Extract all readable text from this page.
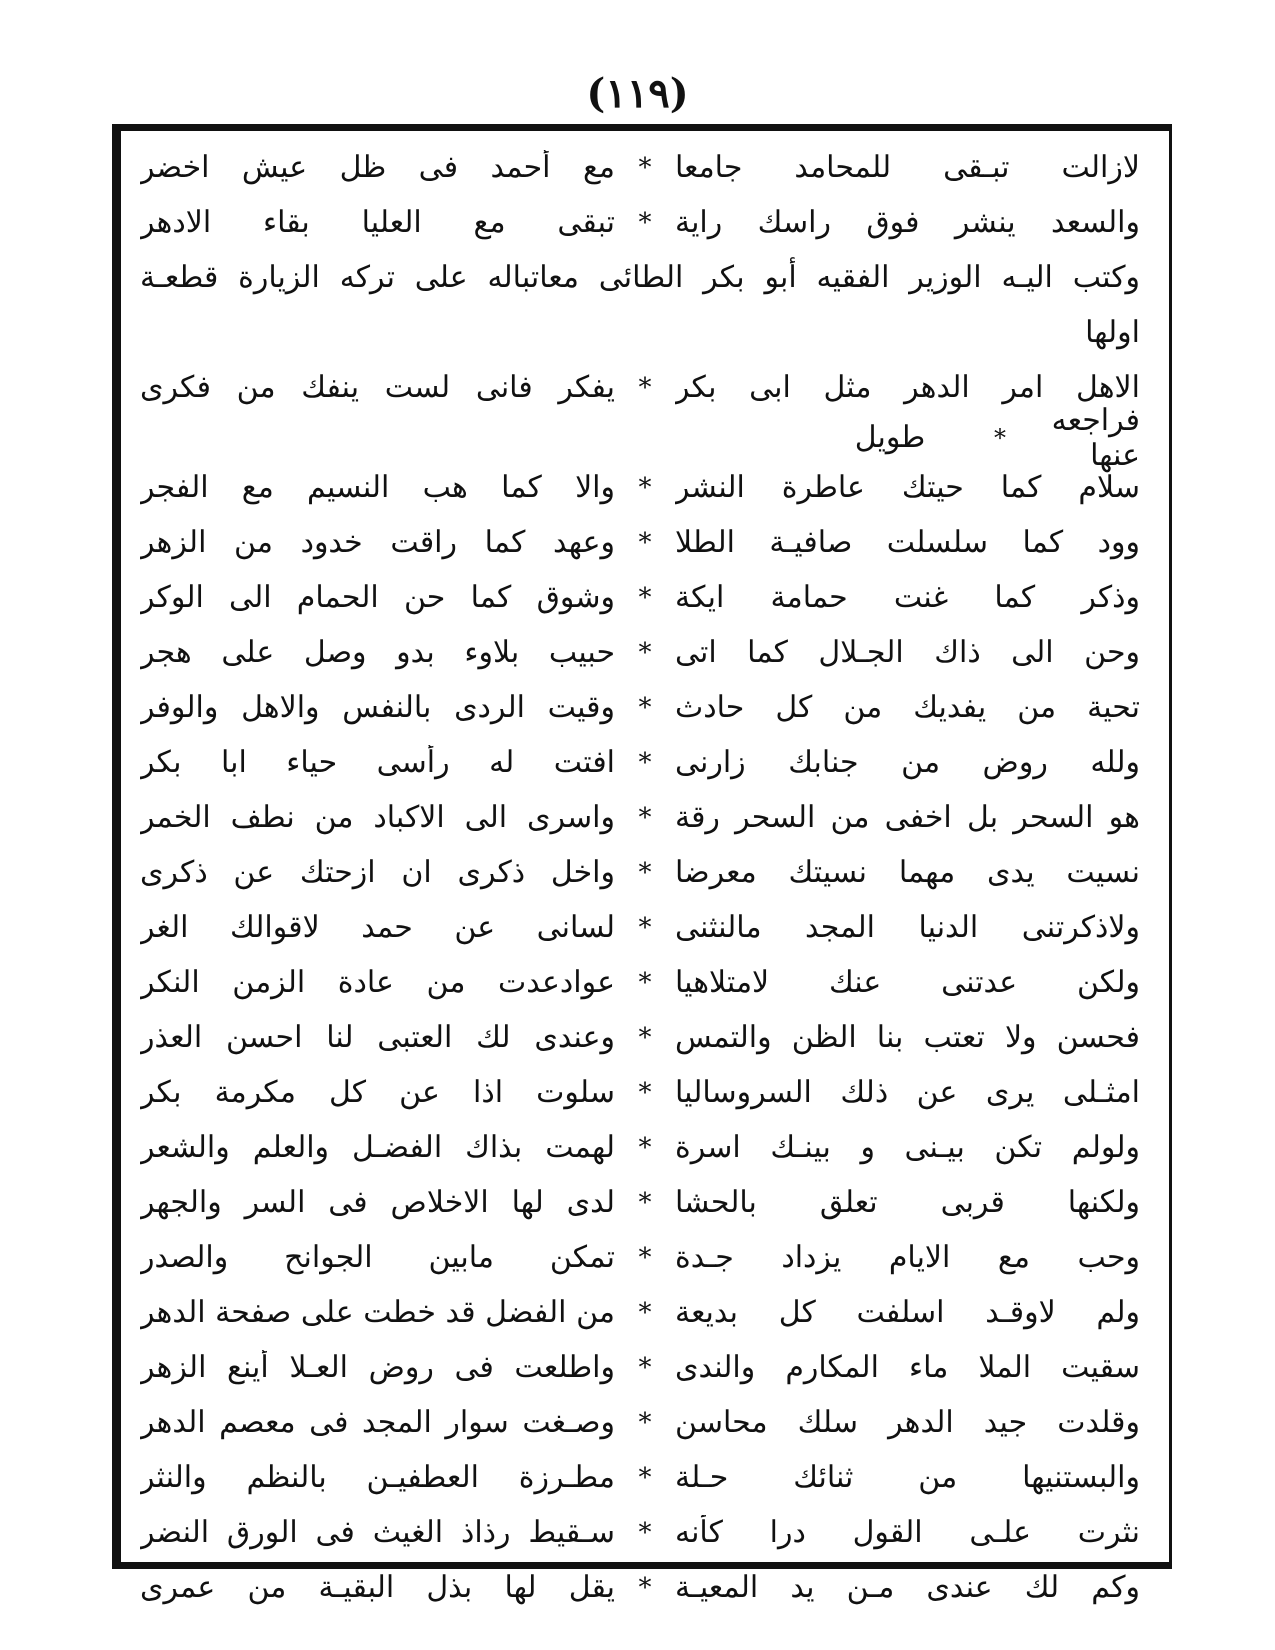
(١١٩)
لازالت تبـقى للمحامد جامعا
*
مع أحمد فى ظل عيش اخضر
والسعد ينشر فوق راسك راية
*
تبقى مع العليا بقاء الادهر
وكتب اليـه الوزير الفقيه أبو بكر الطائى معاتباله على تركه الزيارة قطعـة
اولها
الاهل امر الدهر مثل ابى بكر
*
يفكر فانى لست ينفك من فكرى
فراجعه عنها
*
طويل
سلام كما حيتك عاطرة النشر
*
والا كما هب النسيم مع الفجر
وود كما سلسلت صافيـة الطلا
*
وعهد كما راقت خدود من الزهر
وذكر كما غنت حمامة ايكة
*
وشوق كما حن الحمام الى الوكر
وحن الى ذاك الجـلال كما اتى
*
حبيب بلاوء بدو وصل على هجر
تحية من يفديك من كل حادث
*
وقيت الردى بالنفس والاهل والوفر
ولله روض من جنابك زارنى
*
افتت له رأسى حياء ابا بكر
هو السحر بل اخفى من السحر رقة
*
واسرى الى الاكباد من نطف الخمر
نسيت يدى مهما نسيتك معرضا
*
واخل ذكرى ان ازحتك عن ذكرى
ولاذكرتنى الدنيا المجد مالنثنى
*
لسانى عن حمد لاقوالك الغر
ولكن عدتنى عنك لامتلاهيا
*
عوادعدت من عادة الزمن النكر
فحسن ولا تعتب بنا الظن والتمس
*
وعندى لك العتبى لنا احسن العذر
امثـلى يرى عن ذلك السروساليا
*
سلوت اذا عن كل مكرمة بكر
ولولم تكن بيـنى و بينـك اسرة
*
لهمت بذاك الفضـل والعلم والشعر
ولكنها قربى تعلق بالحشا
*
لدى لها الاخلاص فى السر والجهر
وحب مع الايام يزداد جـدة
*
تمكن مابين الجوانح والصدر
ولم لاوقـد اسلفت كل بديعة
*
من الفضل قد خطت على صفحة الدهر
سقيت الملا ماء المكارم والندى
*
واطلعت فى روض العـلا أينع الزهر
وقلدت جيد الدهر سلك محاسن
*
وصـغت سوار المجد فى معصم الدهر
والبستنيها من ثنائك حـلة
*
مطـرزة العطفيـن بالنظم والنثر
نثرت علـى القول درا كأنه
*
سـقيط رذاذ الغيث فى الورق النضر
وكم لك عندى مـن يد المعيـة
*
يقل لها بذل البقيـة من عمرى
